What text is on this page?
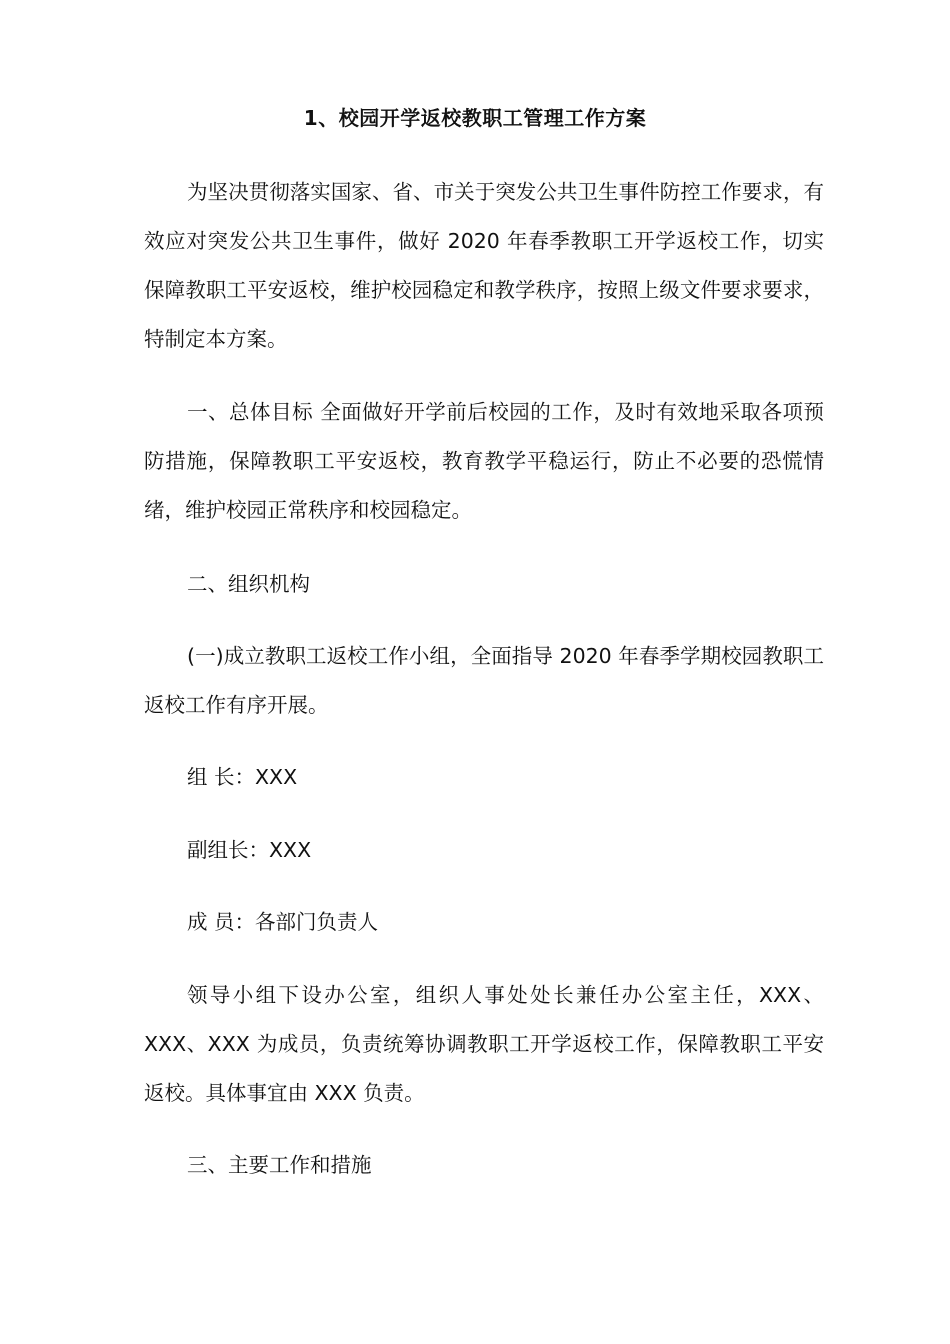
1、校园开学返校教职工管理工作方案

为坚决贯彻落实国家、省、市关于突发公共卫生事件防控工作要求，有效应对突发公共卫生事件，做好 2020 年春季教职工开学返校工作，切实保障教职工平安返校，维护校园稳定和教学秩序，按照上级文件要求要求，特制定本方案。

一、总体目标 全面做好开学前后校园的工作，及时有效地采取各项预防措施，保障教职工平安返校，教育教学平稳运行，防止不必要的恐慌情绪，维护校园正常秩序和校园稳定。

二、组织机构

(一)成立教职工返校工作小组，全面指导 2020 年春季学期校园教职工返校工作有序开展。

组 长：XXX

副组长：XXX

成 员：各部门负责人

领导小组下设办公室，组织人事处处长兼任办公室主任，XXX、XXX、XXX 为成员，负责统筹协调教职工开学返校工作，保障教职工平安返校。具体事宜由 XXX 负责。

三、主要工作和措施
